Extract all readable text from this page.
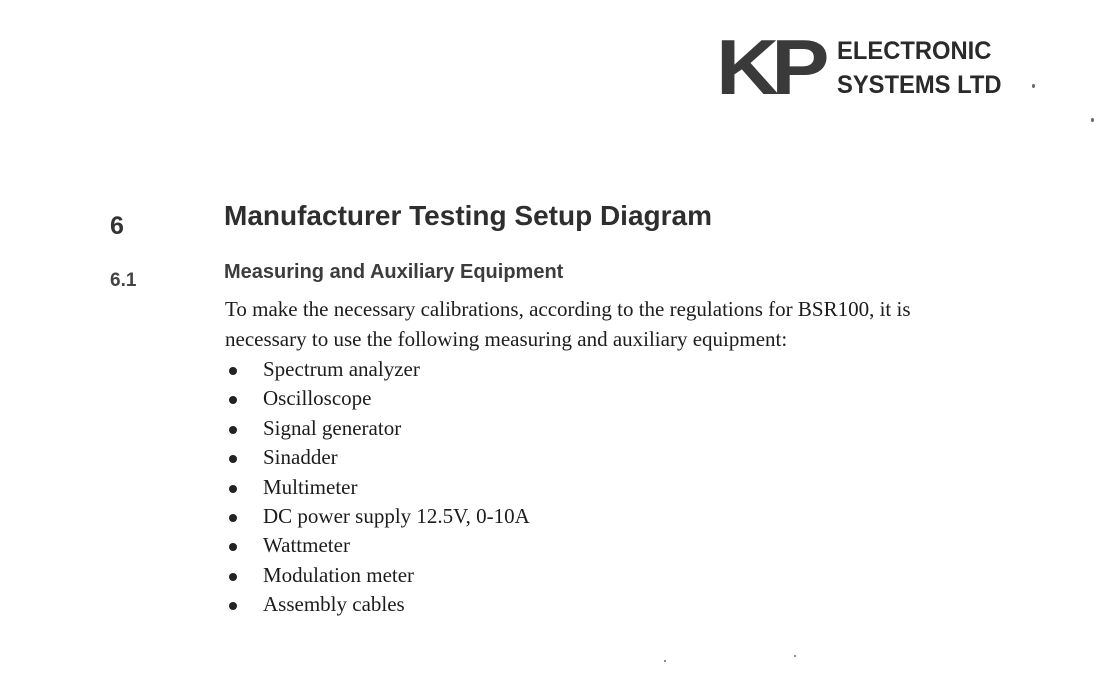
KP ELECTRONIC
SYSTEMS LTD
6	Manufacturer Testing Setup Diagram
6.1	Measuring and Auxiliary Equipment
To make the necessary calibrations, according to the regulations for BSR100, it is
necessary to use the following measuring and auxiliary equipment:
Spectrum analyzer
Oscilloscope
Signal generator
Sinadder
Multimeter
DC power supply 12.5V, 0-10A
Wattmeter
Modulation meter
Assembly cables
